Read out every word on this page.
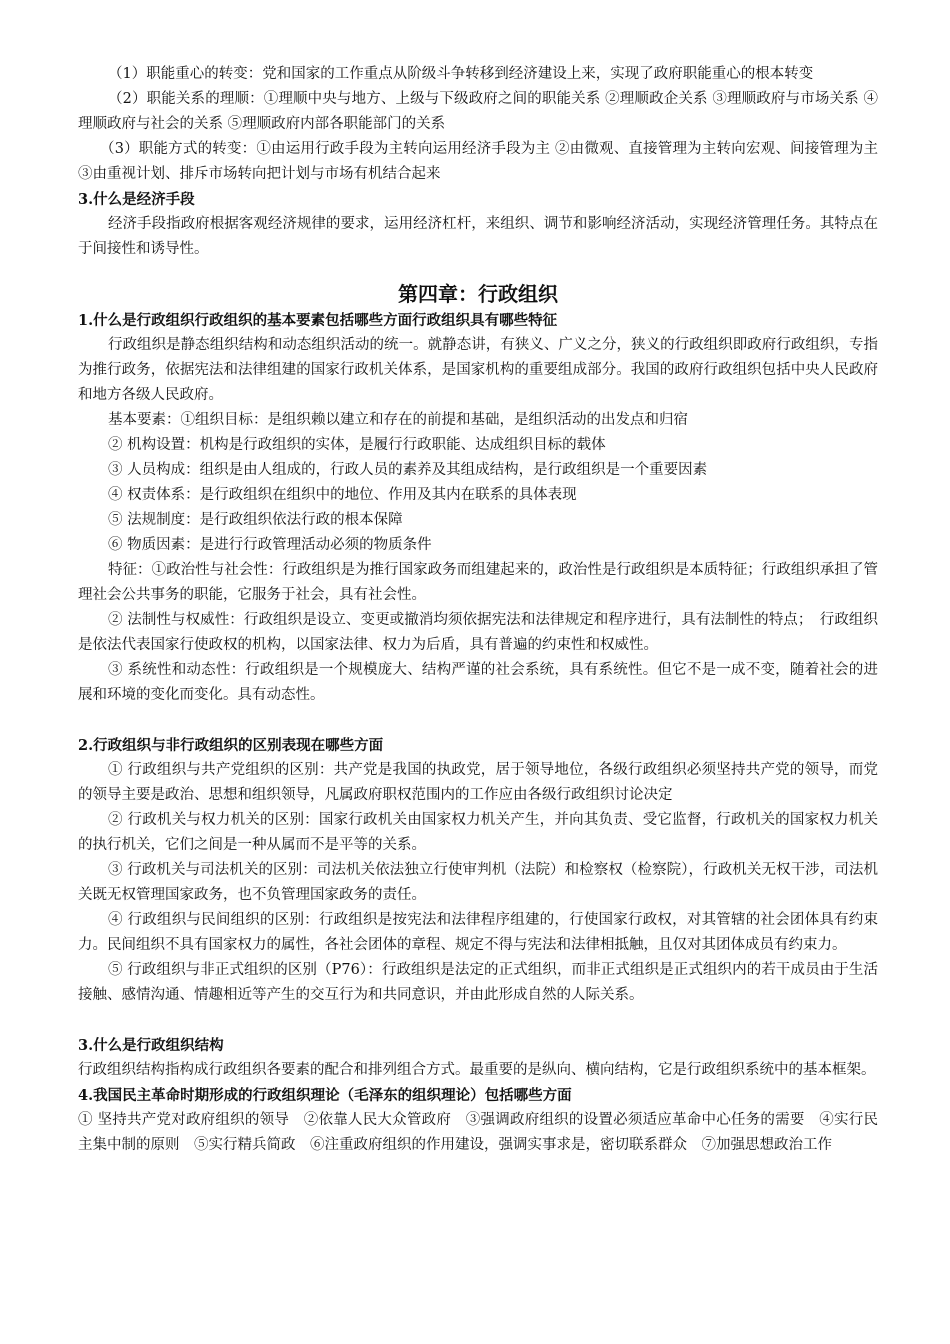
（1）职能重心的转变：党和国家的工作重点从阶级斗争转移到经济建设上来，实现了政府职能重心的根本转变

（2）职能关系的理顺：①理顺中央与地方、上级与下级政府之间的职能关系 ②理顺政企关系 ③理顺政府与市场关系 ④理顺政府与社会的关系 ⑤理顺政府内部各职能部门的关系

（3）职能方式的转变：①由运用行政手段为主转向运用经济手段为主 ②由微观、直接管理为主转向宏观、间接管理为主 ③由重视计划、排斥市场转向把计划与市场有机结合起来

3.什么是经济手段

经济手段指政府根据客观经济规律的要求，运用经济杠杆，来组织、调节和影响经济活动，实现经济管理任务。其特点在于间接性和诱导性。

第四章：行政组织
1.什么是行政组织行政组织的基本要素包括哪些方面行政组织具有哪些特征

行政组织是静态组织结构和动态组织活动的统一。就静态讲，有狭义、广义之分，狭义的行政组织即政府行政组织，专指为推行政务，依据宪法和法律组建的国家行政机关体系，是国家机构的重要组成部分。我国的政府行政组织包括中央人民政府和地方各级人民政府。

基本要素：①组织目标：是组织赖以建立和存在的前提和基础，是组织活动的出发点和归宿

② 机构设置：机构是行政组织的实体，是履行行政职能、达成组织目标的载体

③ 人员构成：组织是由人组成的，行政人员的素养及其组成结构，是行政组织是一个重要因素

④ 权责体系：是行政组织在组织中的地位、作用及其内在联系的具体表现

⑤ 法规制度：是行政组织依法行政的根本保障

⑥ 物质因素：是进行行政管理活动必须的物质条件

特征：①政治性与社会性：行政组织是为推行国家政务而组建起来的，政治性是行政组织是本质特征；行政组织承担了管理社会公共事务的职能，它服务于社会，具有社会性。

② 法制性与权威性：行政组织是设立、变更或撤消均须依据宪法和法律规定和程序进行，具有法制性的特点；　行政组织是依法代表国家行使政权的机构，以国家法律、权力为后盾，具有普遍的约束性和权威性。

③ 系统性和动态性：行政组织是一个规模庞大、结构严谨的社会系统，具有系统性。但它不是一成不变，随着社会的进展和环境的变化而变化。具有动态性。

2.行政组织与非行政组织的区别表现在哪些方面

① 行政组织与共产党组织的区别：共产党是我国的执政党，居于领导地位，各级行政组织必须坚持共产党的领导，而党的领导主要是政治、思想和组织领导，凡属政府职权范围内的工作应由各级行政组织讨论决定

② 行政机关与权力机关的区别：国家行政机关由国家权力机关产生，并向其负责、受它监督，行政机关的国家权力机关的执行机关，它们之间是一种从属而不是平等的关系。

③ 行政机关与司法机关的区别：司法机关依法独立行使审判机（法院）和检察权（检察院），行政机关无权干涉，司法机关既无权管理国家政务，也不负管理国家政务的责任。

④ 行政组织与民间组织的区别：行政组织是按宪法和法律程序组建的，行使国家行政权，对其管辖的社会团体具有约束力。民间组织不具有国家权力的属性，各社会团体的章程、规定不得与宪法和法律相抵触，且仅对其团体成员有约束力。

⑤ 行政组织与非正式组织的区别（P76）：行政组织是法定的正式组织，而非正式组织是正式组织内的若干成员由于生活接触、感情沟通、情趣相近等产生的交互行为和共同意识，并由此形成自然的人际关系。

3.什么是行政组织结构

行政组织结构指构成行政组织各要素的配合和排列组合方式。最重要的是纵向、横向结构，它是行政组织系统中的基本框架。

4.我国民主革命时期形成的行政组织理论（毛泽东的组织理论）包括哪些方面

① 坚持共产党对政府组织的领导　②依靠人民大众管政府　③强调政府组织的设置必须适应革命中心任务的需要　④实行民主集中制的原则　⑤实行精兵简政　⑥注重政府组织的作用建设，强调实事求是，密切联系群众　⑦加强思想政治工作
